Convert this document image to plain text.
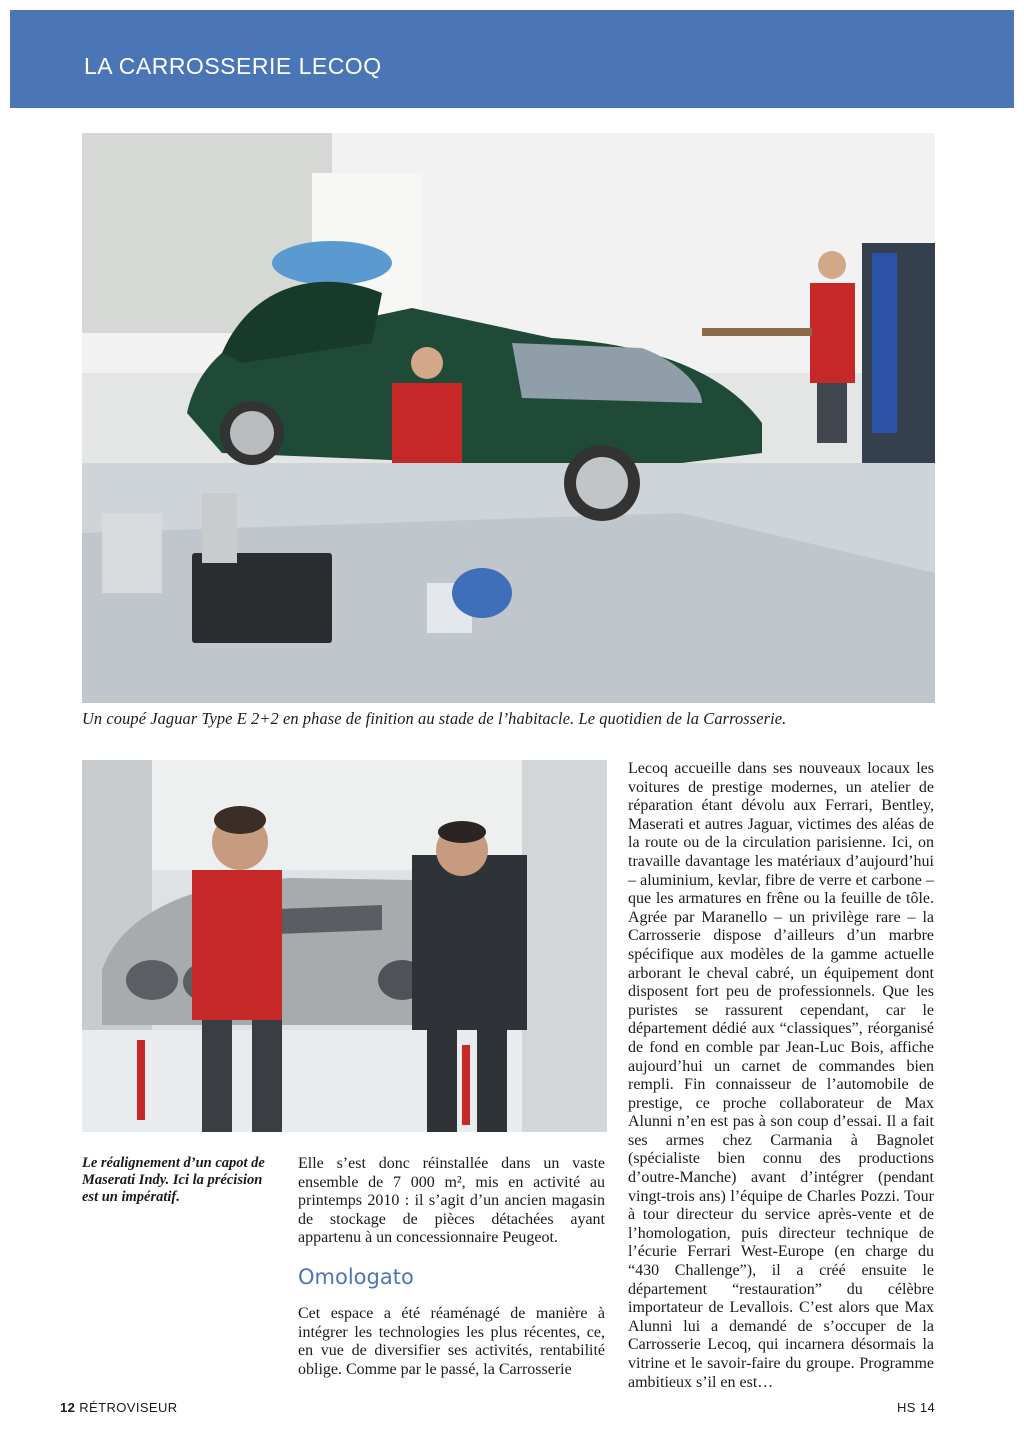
LA CARROSSERIE LECOQ

Un coupé Jaguar Type E 2+2 en phase de finition au stade de l’habitacle. Le quotidien de la Carrosserie.

Le réalignement d’un capot de Maserati Indy. Ici la précision est un impératif.

Lecoq accueille dans ses nouveaux locaux les voitures de prestige modernes, un atelier de réparation étant dévolu aux Ferrari, Bentley, Maserati et autres Jaguar, victimes des aléas de la route ou de la circulation parisienne. Ici, on travaille davantage les matériaux d’aujourd’hui – aluminium, kevlar, fibre de verre et carbone – que les armatures en frêne ou la feuille de tôle. Agrée par Maranello – un privilège rare – la Carrosserie dispose d’ailleurs d’un marbre spécifique aux modèles de la gamme actuelle arborant le cheval cabré, un équipement dont disposent fort peu de professionnels. Que les puristes se rassurent cependant, car le département dédié aux “classiques”, réorganisé de fond en comble par Jean-Luc Bois, affiche aujourd’hui un carnet de commandes bien rempli. Fin connaisseur de l’automobile de prestige, ce proche collaborateur de Max Alunni n’en est pas à son coup d’essai. Il a fait ses armes chez Carmania à Bagnolet (spécialiste bien connu des productions d’outre-Manche) avant d’intégrer (pendant vingt-trois ans) l’équipe de Charles Pozzi. Tour à tour directeur du service après-vente et de l’homologation, puis directeur technique de l’écurie Ferrari West-Europe (en charge du “430 Challenge”), il a créé ensuite le département “restauration” du célèbre importateur de Levallois. C’est alors que Max Alunni lui a demandé de s’occuper de la Carrosserie Lecoq, qui incarnera désormais la vitrine et le savoir-faire du groupe. Programme ambitieux s’il en est…

Elle s’est donc réinstallée dans un vaste ensemble de 7 000 m², mis en activité au printemps 2010 : il s’agit d’un ancien magasin de stockage de pièces détachées ayant appartenu à un concessionnaire Peugeot.

Omologato

Cet espace a été réaménagé de manière à intégrer les technologies les plus récentes, ce, en vue de diversifier ses activités, rentabilité oblige. Comme par le passé, la Carrosserie

12 RÉTROVISEUR	HS 14
